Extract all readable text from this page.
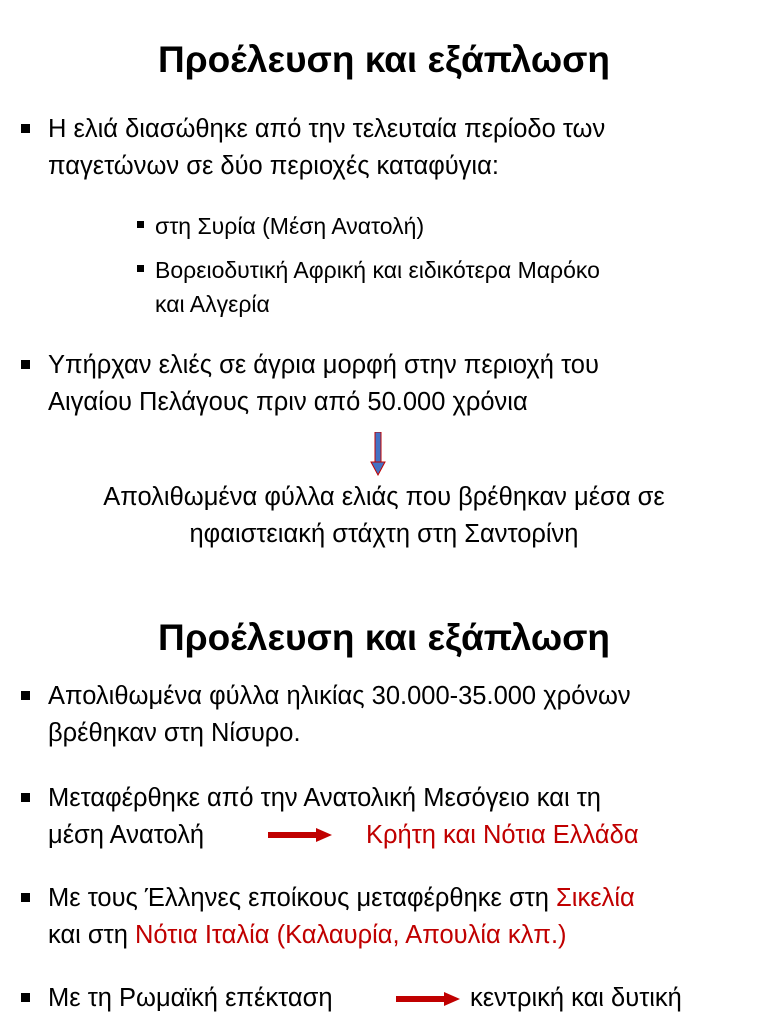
Προέλευση και εξάπλωση
Η ελιά διασώθηκε από την τελευταία περίοδο των
παγετώνων σε δύο περιοχές καταφύγια:
στη Συρία (Μέση Ανατολή)
Βορειοδυτική Αφρική και ειδικότερα Μαρόκο
και Αλγερία
Υπήρχαν ελιές σε άγρια μορφή στην περιοχή του
Αιγαίου Πελάγους πριν από 50.000 χρόνια
Απολιθωμένα φύλλα ελιάς που βρέθηκαν μέσα σε
ηφαιστειακή στάχτη στη Σαντορίνη
Προέλευση και εξάπλωση
Απολιθωμένα φύλλα ηλικίας 30.000-35.000 χρόνων
βρέθηκαν στη Νίσυρο.
Μεταφέρθηκε από την Ανατολική Μεσόγειο και τη
μέση Ανατολή	Κρήτη και Νότια Ελλάδα
Με τους Έλληνες εποίκους μεταφέρθηκε στη Σικελία
και στη Νότια Ιταλία (Καλαυρία, Απουλία κλπ.)
Με τη Ρωμαϊκή επέκταση	κεντρική και δυτική
